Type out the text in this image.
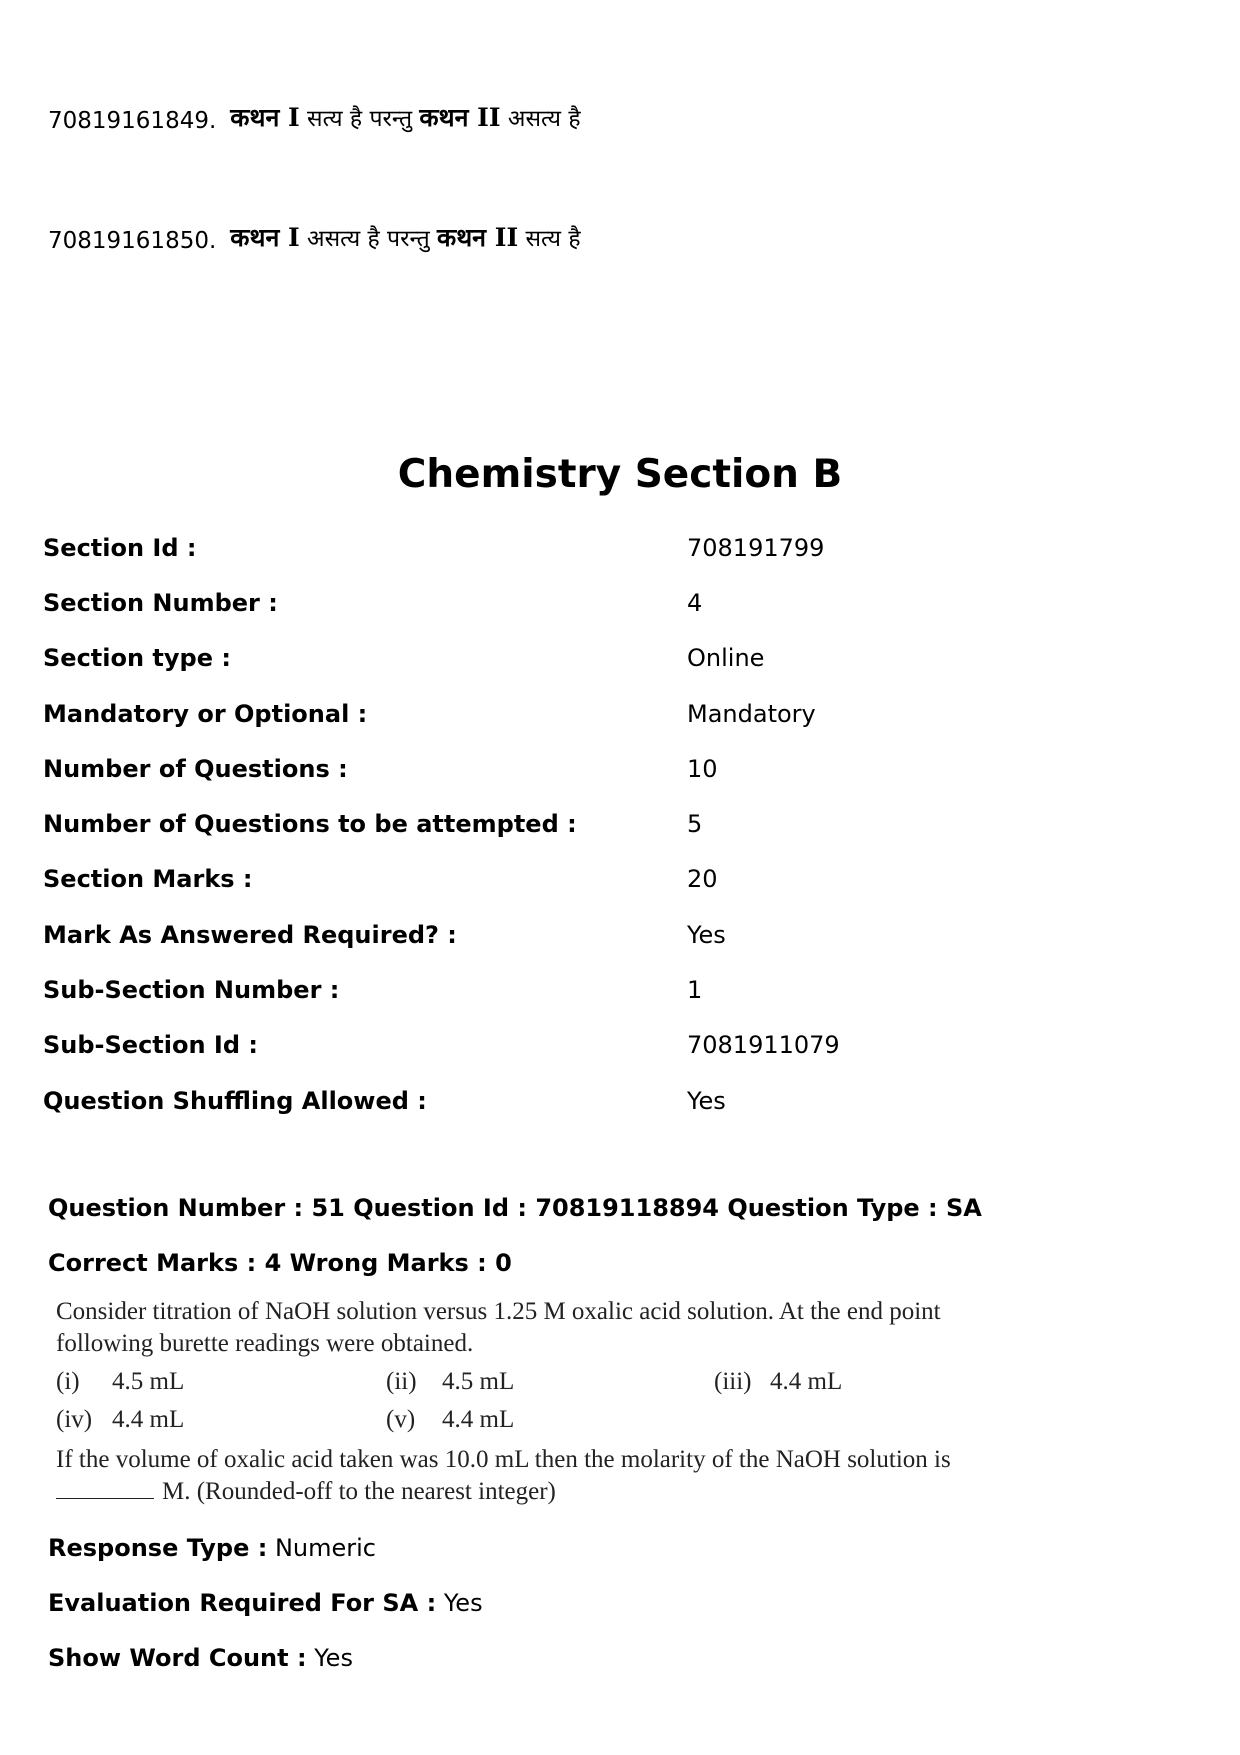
70819161849. कथन I सत्य है परन्तु कथन II असत्य है
70819161850. कथन I असत्य है परन्तु कथन II सत्य है
Chemistry Section B
Section Id :	708191799
Section Number :	4
Section type :	Online
Mandatory or Optional :	Mandatory
Number of Questions :	10
Number of Questions to be attempted :	5
Section Marks :	20
Mark As Answered Required? :	Yes
Sub-Section Number :	1
Sub-Section Id :	7081911079
Question Shuffling Allowed :	Yes
Question Number : 51 Question Id : 70819118894 Question Type : SA
Correct Marks : 4 Wrong Marks : 0

Consider titration of NaOH solution versus 1.25 M oxalic acid solution. At the end point following burette readings were obtained.

(i)	4.5 mL	(ii)	4.5 mL	(iii) 4.4 mL
(iv) 4.4 mL	(v)	4.4 mL

If the volume of oxalic acid taken was 10.0 mL then the molarity of the NaOH solution is
M. (Rounded-off to the nearest integer)

Response Type : Numeric
Evaluation Required For SA : Yes
Show Word Count : Yes
